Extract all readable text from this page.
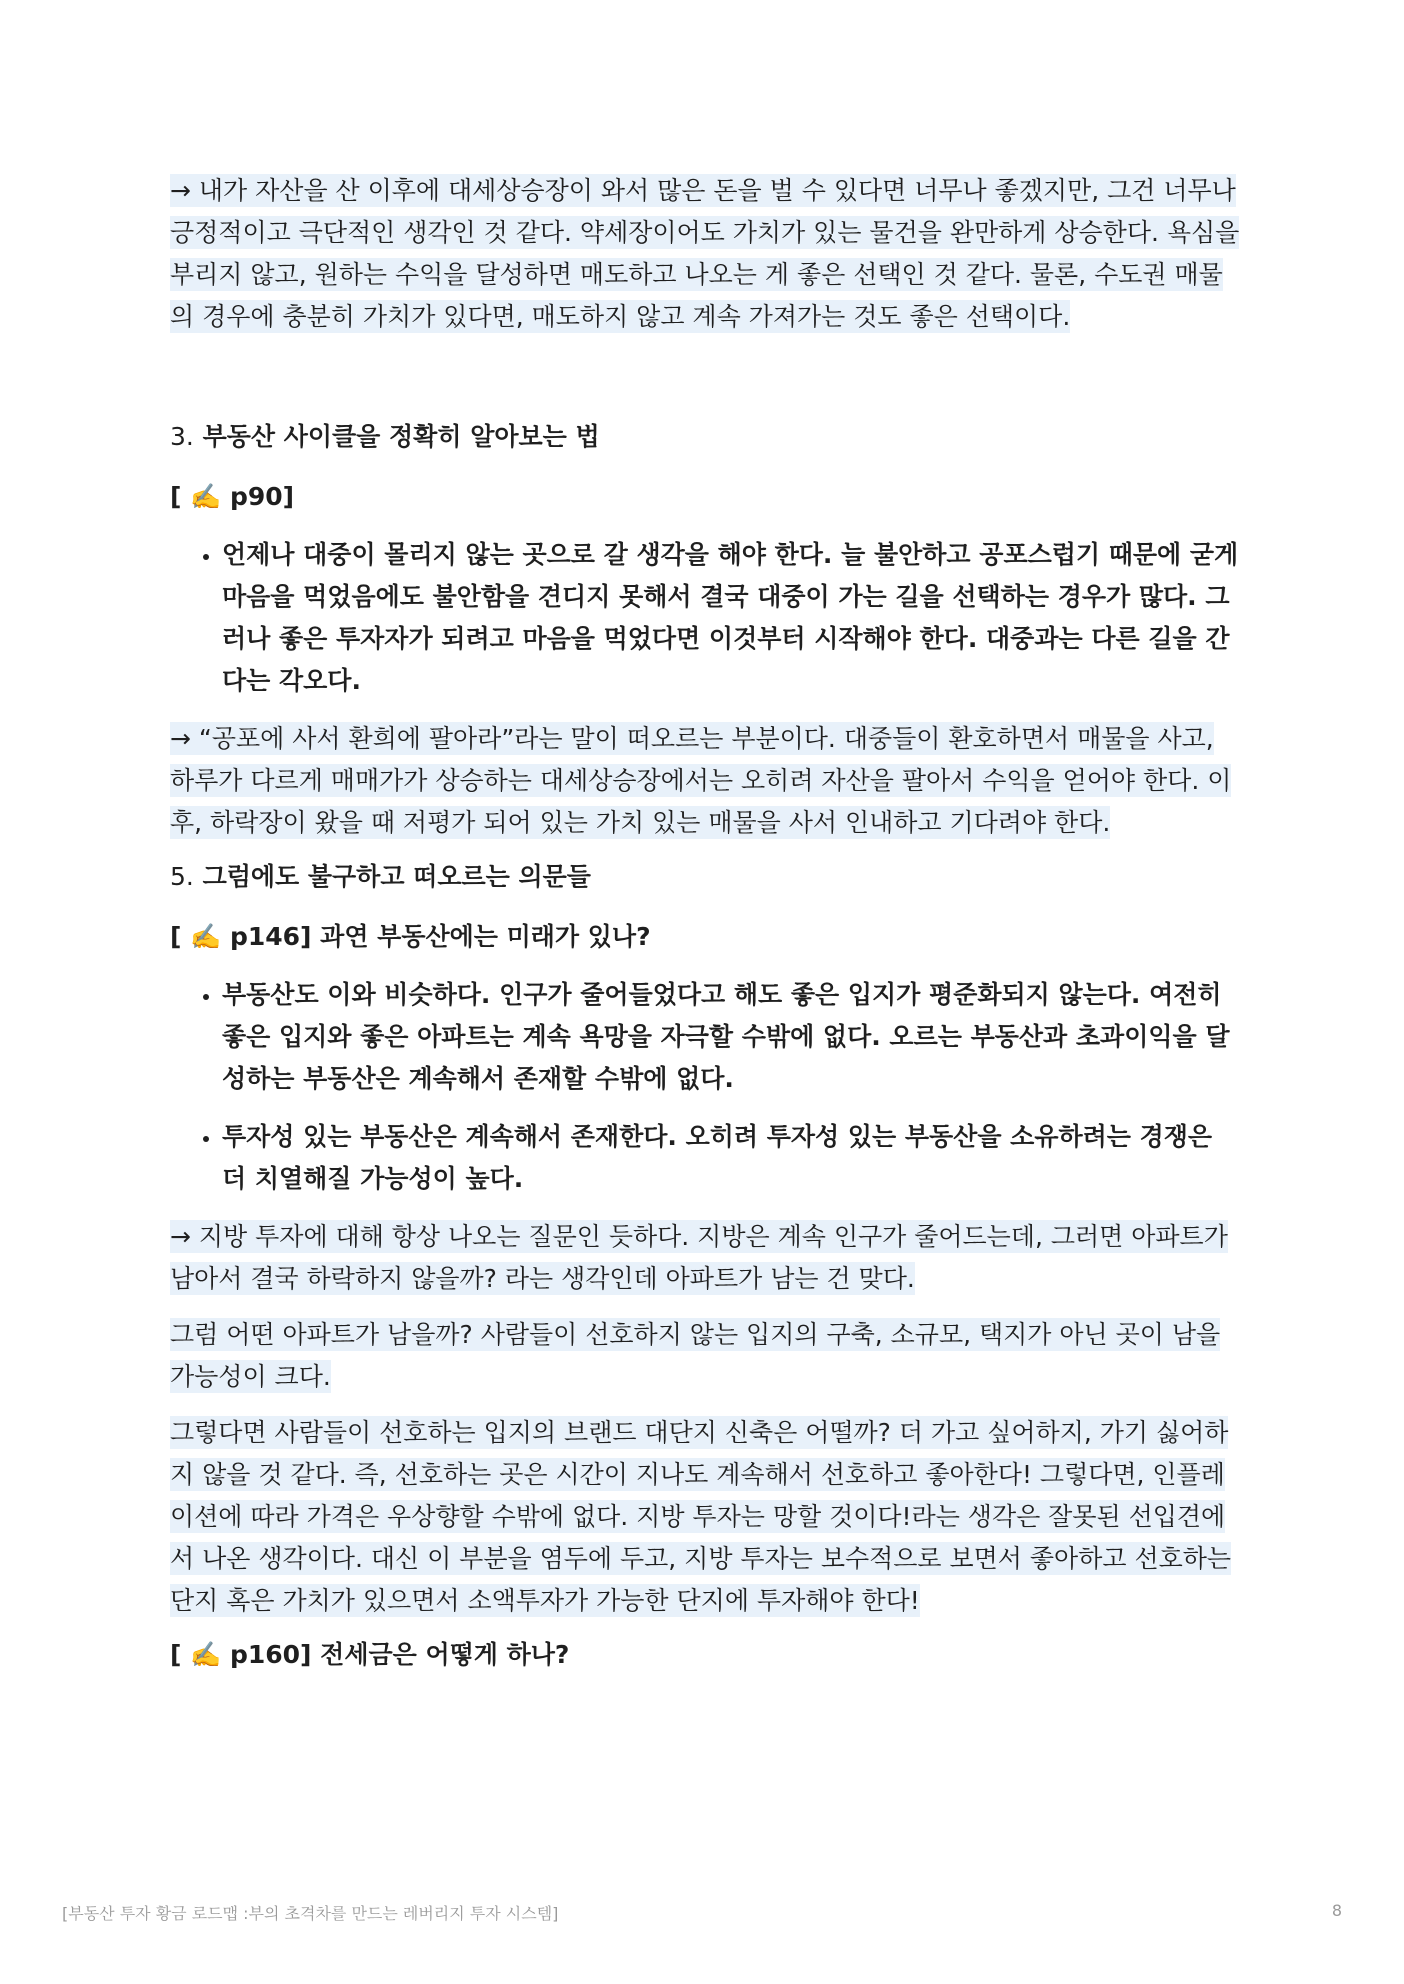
→ 내가 자산을 산 이후에 대세상승장이 와서 많은 돈을 벌 수 있다면 너무나 좋겠지만, 그건 너무나 긍정적이고 극단적인 생각인 것 같다. 약세장이어도 가치가 있는 물건을 완만하게 상승한다. 욕심을 부리지 않고, 원하는 수익을 달성하면 매도하고 나오는 게 좋은 선택인 것 같다. 물론, 수도권 매물의 경우에 충분히 가치가 있다면, 매도하지 않고 계속 가져가는 것도 좋은 선택이다.

3. 부동산 사이클을 정확히 알아보는 법
[ ✍️ p90]
• 언제나 대중이 몰리지 않는 곳으로 갈 생각을 해야 한다. 늘 불안하고 공포스럽기 때문에 굳게 마음을 먹었음에도 불안함을 견디지 못해서 결국 대중이 가는 길을 선택하는 경우가 많다. 그러나 좋은 투자자가 되려고 마음을 먹었다면 이것부터 시작해야 한다. 대중과는 다른 길을 간다는 각오다.

→ “공포에 사서 환희에 팔아라”라는 말이 떠오르는 부분이다. 대중들이 환호하면서 매물을 사고, 하루가 다르게 매매가가 상승하는 대세상승장에서는 오히려 자산을 팔아서 수익을 얻어야 한다. 이후, 하락장이 왔을 때 저평가 되어 있는 가치 있는 매물을 사서 인내하고 기다려야 한다.

5. 그럼에도 불구하고 떠오르는 의문들
[ ✍️ p146] 과연 부동산에는 미래가 있나?
• 부동산도 이와 비슷하다. 인구가 줄어들었다고 해도 좋은 입지가 평준화되지 않는다. 여전히 좋은 입지와 좋은 아파트는 계속 욕망을 자극할 수밖에 없다. 오르는 부동산과 초과이익을 달성하는 부동산은 계속해서 존재할 수밖에 없다.
• 투자성 있는 부동산은 계속해서 존재한다. 오히려 투자성 있는 부동산을 소유하려는 경쟁은 더 치열해질 가능성이 높다.

→ 지방 투자에 대해 항상 나오는 질문인 듯하다. 지방은 계속 인구가 줄어드는데, 그러면 아파트가 남아서 결국 하락하지 않을까? 라는 생각인데 아파트가 남는 건 맞다.

그럼 어떤 아파트가 남을까? 사람들이 선호하지 않는 입지의 구축, 소규모, 택지가 아닌 곳이 남을 가능성이 크다.

그렇다면 사람들이 선호하는 입지의 브랜드 대단지 신축은 어떨까? 더 가고 싶어하지, 가기 싫어하지 않을 것 같다. 즉, 선호하는 곳은 시간이 지나도 계속해서 선호하고 좋아한다! 그렇다면, 인플레이션에 따라 가격은 우상향할 수밖에 없다. 지방 투자는 망할 것이다!라는 생각은 잘못된 선입견에서 나온 생각이다. 대신 이 부분을 염두에 두고, 지방 투자는 보수적으로 보면서 좋아하고 선호하는 단지 혹은 가치가 있으면서 소액투자가 가능한 단지에 투자해야 한다!

[ ✍️ p160] 전세금은 어떻게 하나?
[부동산 투자 황금 로드맵 :부의 초격차를 만드는 레버리지 투자 시스템]	8
